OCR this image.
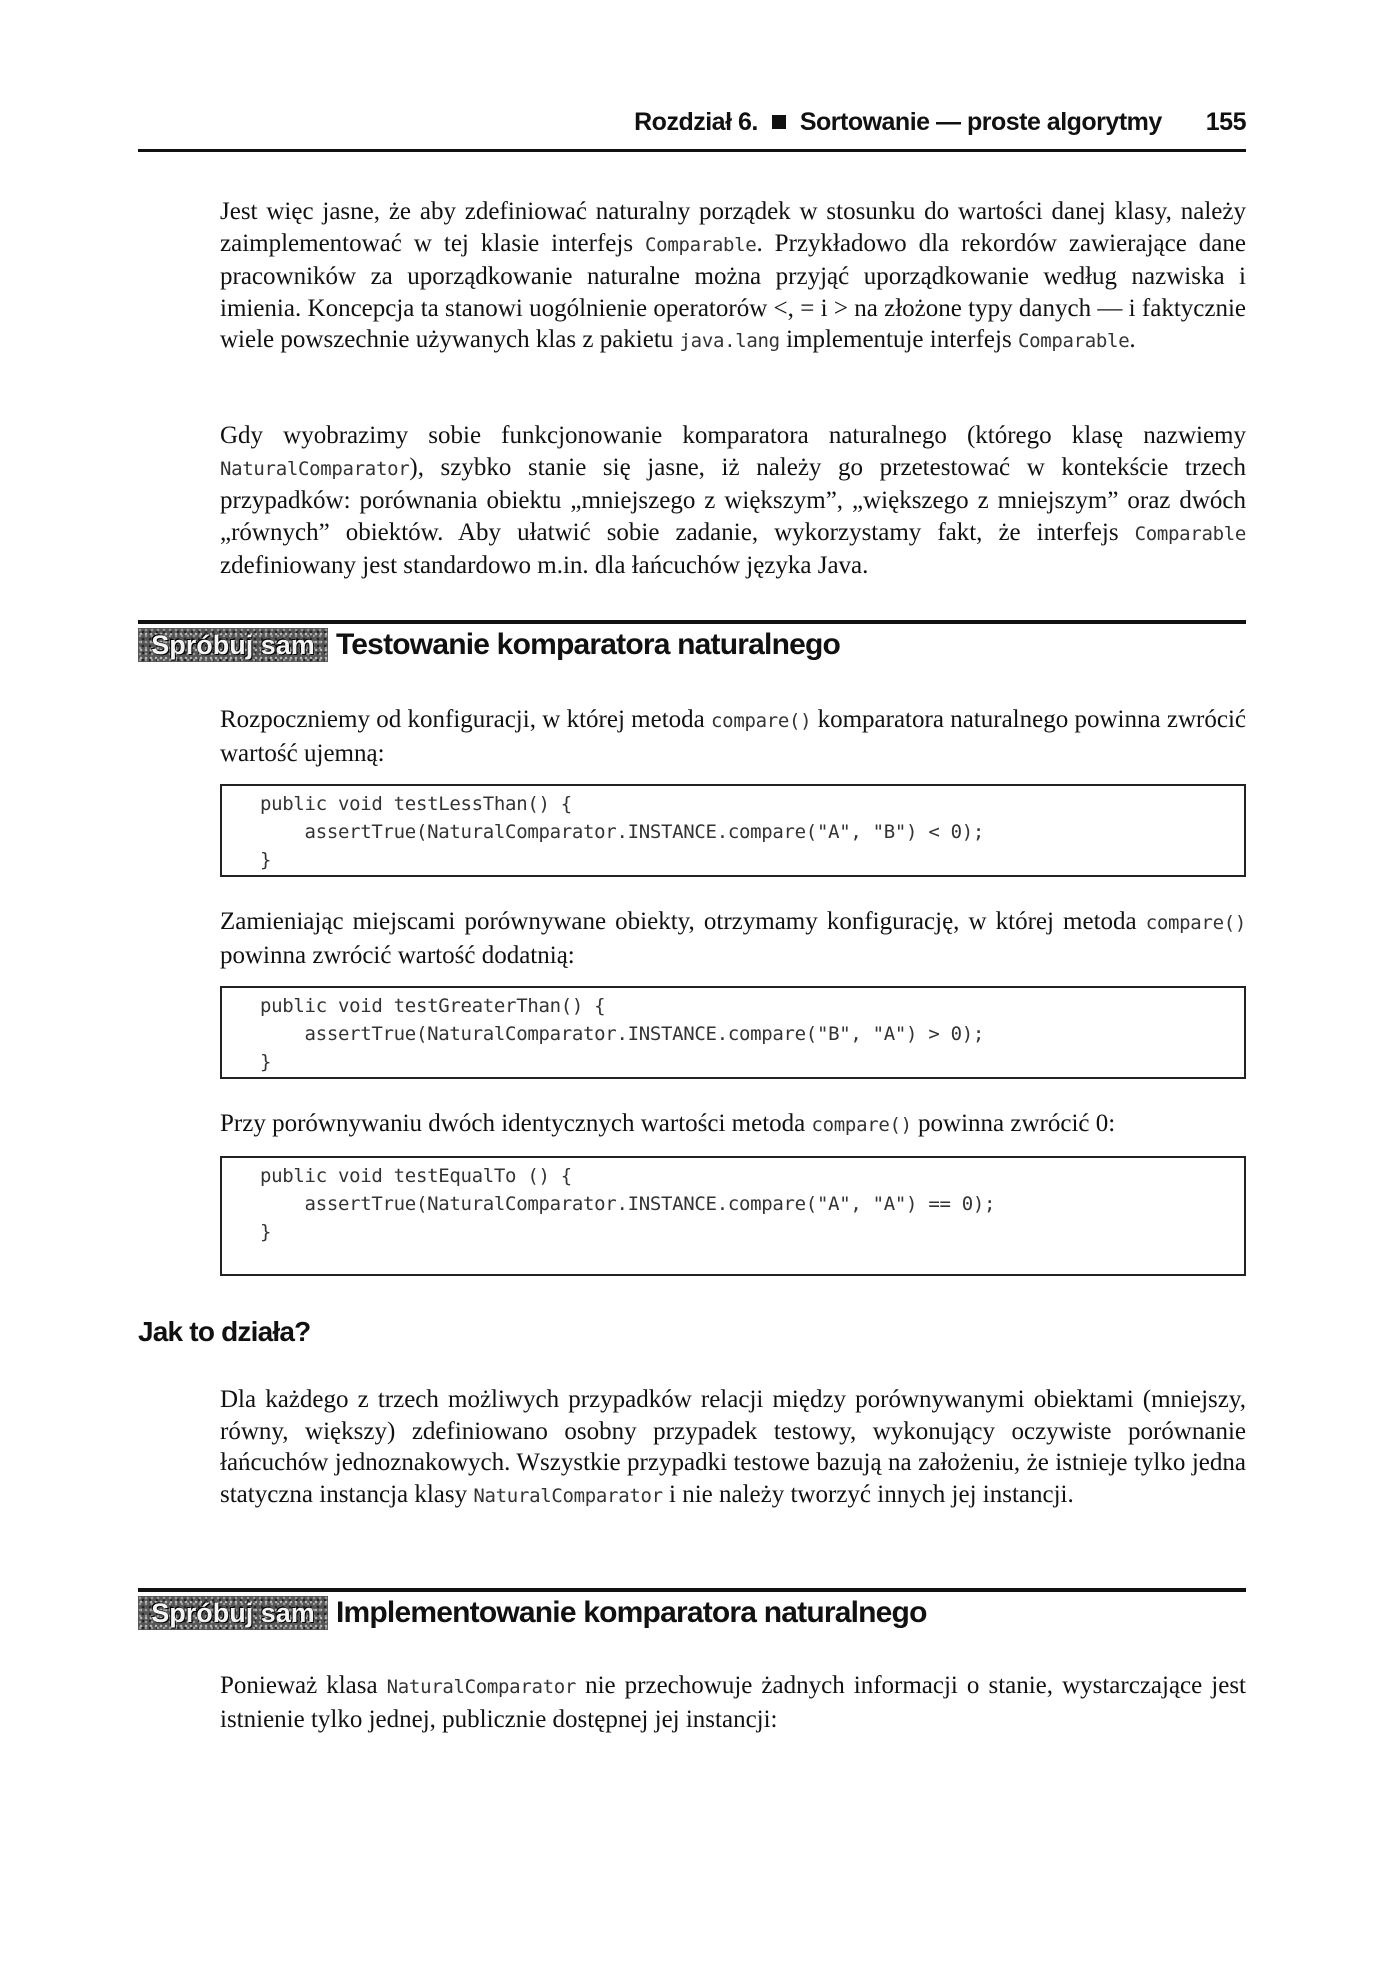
Rozdział 6. Sortowanie — proste algorytmy 155

Jest więc jasne, że aby zdefiniować naturalny porządek w stosunku do wartości danej klasy, należy zaimplementować w tej klasie interfejs Comparable. Przykładowo dla rekordów zawierające dane pracowników za uporządkowanie naturalne można przyjąć uporządkowanie według nazwiska i imienia. Koncepcja ta stanowi uogólnienie operatorów <, = i > na złożone typy danych — i faktycznie wiele powszechnie używanych klas z pakietu java.lang implementuje interfejs Comparable.

Gdy wyobrazimy sobie funkcjonowanie komparatora naturalnego (którego klasę nazwiemy NaturalComparator), szybko stanie się jasne, iż należy go przetestować w kontekście trzech przypadków: porównania obiektu „mniejszego z większym”, „większego z mniejszym” oraz dwóch „równych” obiektów. Aby ułatwić sobie zadanie, wykorzystamy fakt, że interfejs Comparable zdefiniowany jest standardowo m.in. dla łańcuchów języka Java.

Spróbuj sam Testowanie komparatora naturalnego

Rozpoczniemy od konfiguracji, w której metoda compare() komparatora naturalnego powinna zwrócić wartość ujemną:

public void testLessThan() {
assertTrue(NaturalComparator.INSTANCE.compare("A", "B") < 0);
}

Zamieniając miejscami porównywane obiekty, otrzymamy konfigurację, w której metoda compare() powinna zwrócić wartość dodatnią:

public void testGreaterThan() {
assertTrue(NaturalComparator.INSTANCE.compare("B", "A") > 0);
}

Przy porównywaniu dwóch identycznych wartości metoda compare() powinna zwrócić 0:

public void testEqualTo () {
assertTrue(NaturalComparator.INSTANCE.compare("A", "A") == 0);
}
Jak to działa?

Dla każdego z trzech możliwych przypadków relacji między porównywanymi obiektami (mniejszy, równy, większy) zdefiniowano osobny przypadek testowy, wykonujący oczywiste porównanie łańcuchów jednoznakowych. Wszystkie przypadki testowe bazują na założeniu, że istnieje tylko jedna statyczna instancja klasy NaturalComparator i nie należy tworzyć innych jej instancji.

Spróbuj sam Implementowanie komparatora naturalnego

Ponieważ klasa NaturalComparator nie przechowuje żadnych informacji o stanie, wystarczające jest istnienie tylko jednej, publicznie dostępnej jej instancji:
